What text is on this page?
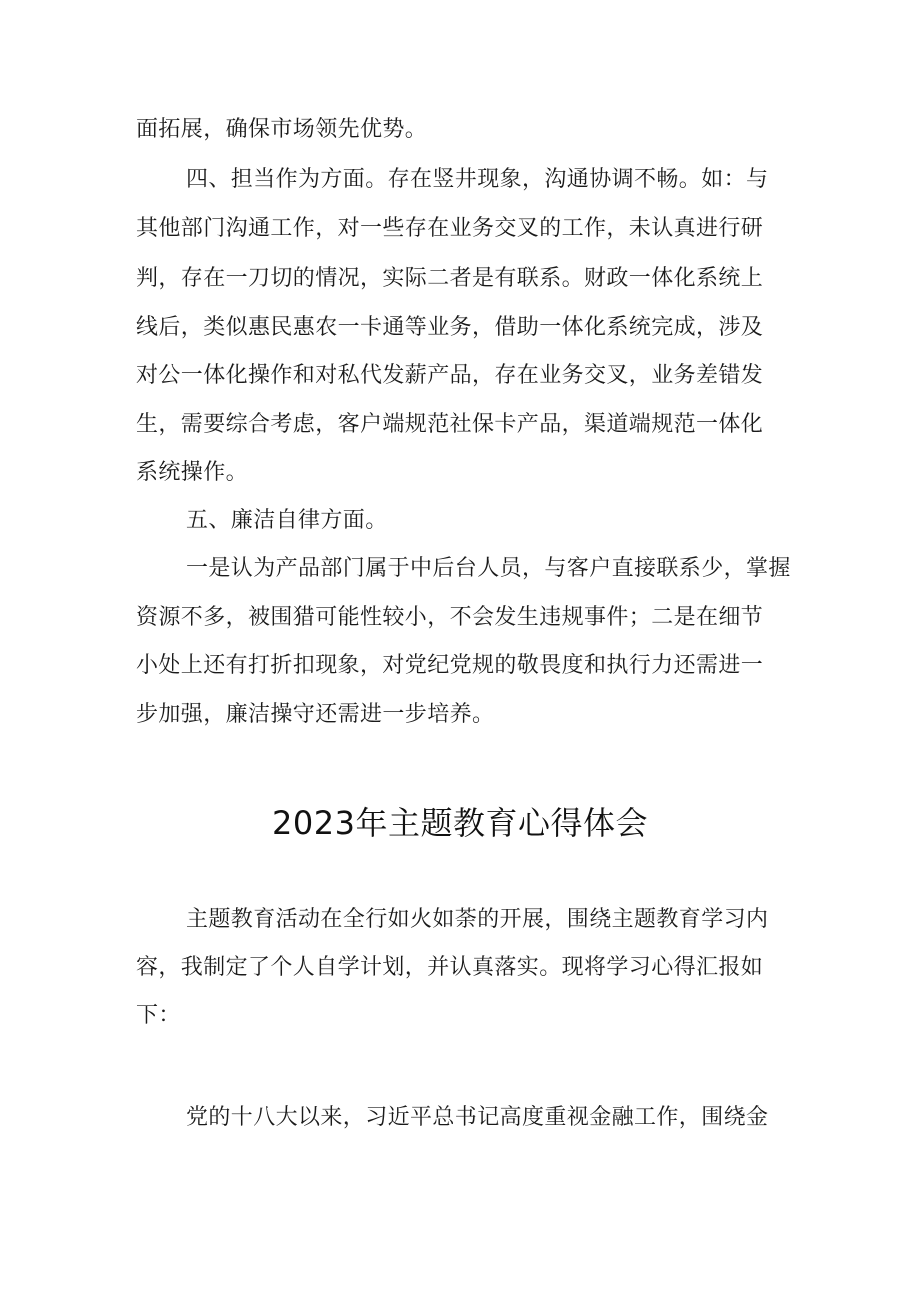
面拓展，确保市场领先优势。
四、担当作为方面。存在竖井现象，沟通协调不畅。如：与
其他部门沟通工作，对一些存在业务交叉的工作，未认真进行研
判，存在一刀切的情况，实际二者是有联系。财政一体化系统上
线后，类似惠民惠农一卡通等业务，借助一体化系统完成，涉及
对公一体化操作和对私代发薪产品，存在业务交叉，业务差错发
生，需要综合考虑，客户端规范社保卡产品，渠道端规范一体化
系统操作。
五、廉洁自律方面。
一是认为产品部门属于中后台人员，与客户直接联系少，掌握
资源不多，被围猎可能性较小，不会发生违规事件；二是在细节
小处上还有打折扣现象，对党纪党规的敬畏度和执行力还需进一
步加强，廉洁操守还需进一步培养。
2023年主题教育心得体会
主题教育活动在全行如火如荼的开展，围绕主题教育学习内
容，我制定了个人自学计划，并认真落实。现将学习心得汇报如
下：
党的十八大以来，习近平总书记高度重视金融工作，围绕金
